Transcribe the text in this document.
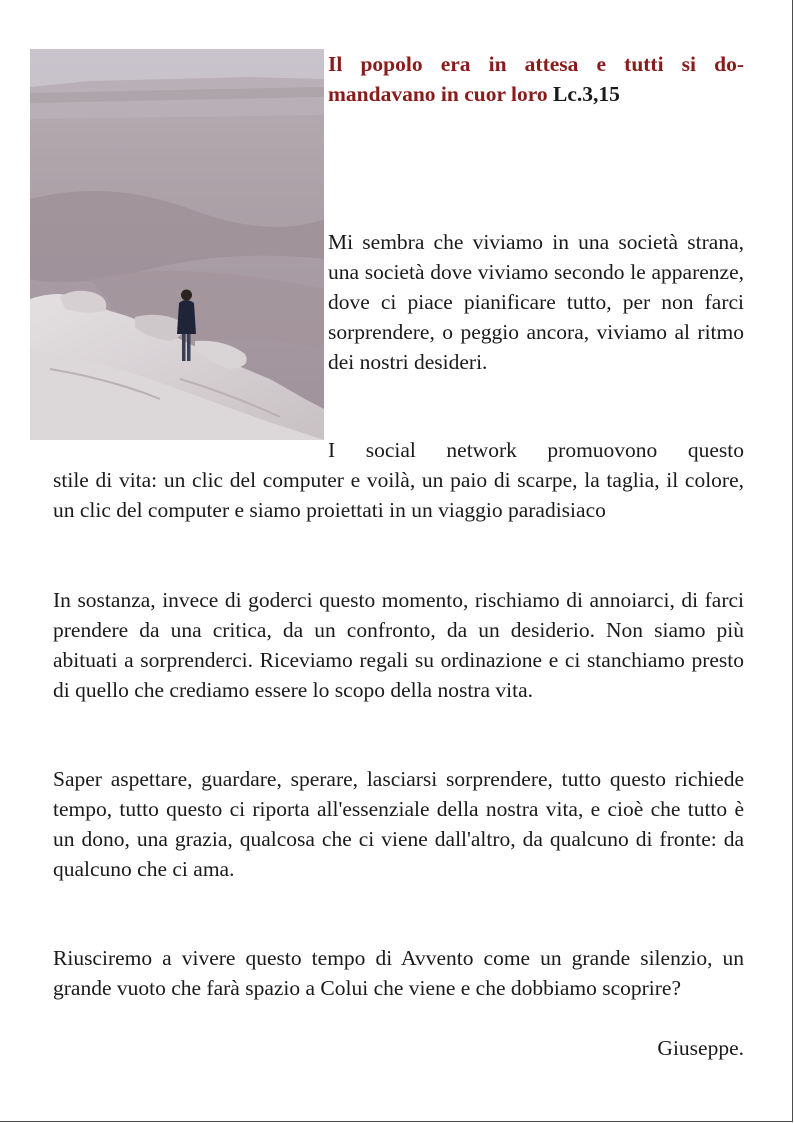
Il popolo era in attesa e tutti si do-mandavano in cuor loro Lc.3,15

Mi sembra che viviamo in una società strana, una società dove viviamo secondo le apparenze, dove ci piace pianificare tutto, per non farci sorprendere, o peggio ancora, viviamo al ritmo dei nostri desideri.

I social network promuovono questo

stile di vita: un clic del computer e voilà, un paio di scarpe, la taglia, il colore, un clic del computer e siamo proiettati in un viaggio paradisiaco

In sostanza, invece di goderci questo momento, rischiamo di annoiarci, di farci prendere da una critica, da un confronto, da un desiderio. Non siamo più abituati a sorprenderci. Riceviamo regali su ordinazione e ci stanchiamo presto di quello che crediamo essere lo scopo della nostra vita.

Saper aspettare, guardare, sperare, lasciarsi sorprendere, tutto questo richiede tempo, tutto questo ci riporta all'essenziale della nostra vita, e cioè che tutto è un dono, una grazia, qualcosa che ci viene dall'altro, da qualcuno di fronte: da qualcuno che ci ama.

Riusciremo a vivere questo tempo di Avvento come un grande silenzio, un grande vuoto che farà spazio a Colui che viene e che dobbiamo scoprire?

Giuseppe.
